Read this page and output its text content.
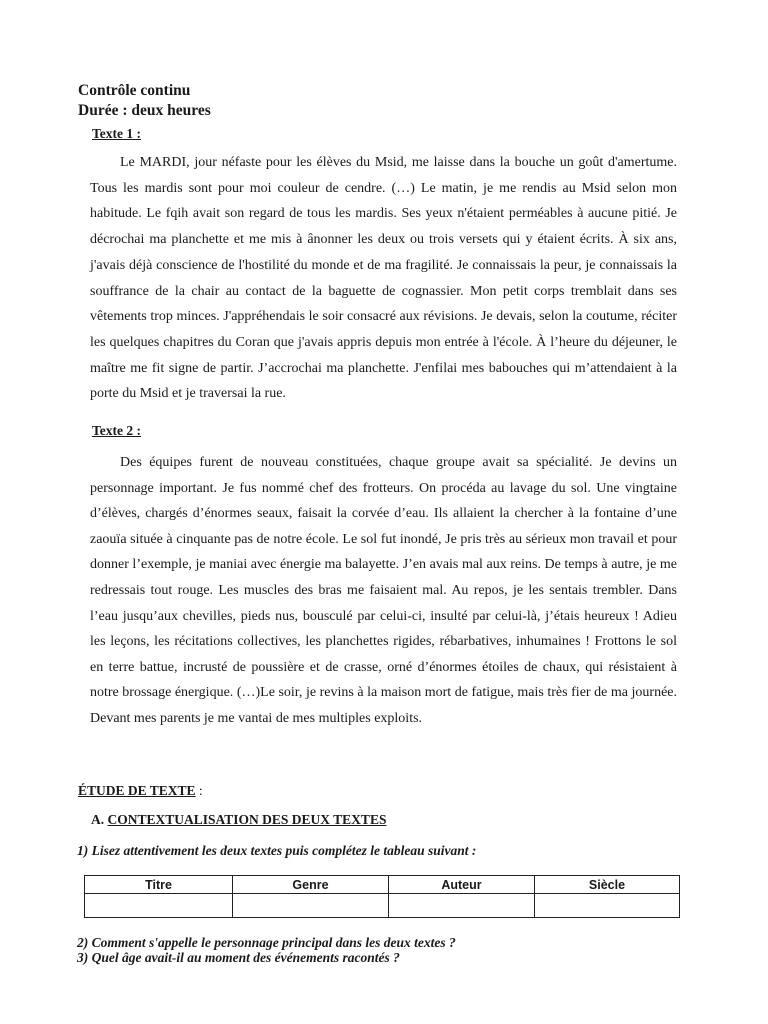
Contrôle continu
Durée : deux heures
Texte 1 :

Le MARDI, jour néfaste pour les élèves du Msid, me laisse dans la bouche un goût d'amertume. Tous les mardis sont pour moi couleur de cendre. (…) Le matin, je me rendis au Msid selon mon habitude. Le fqih avait son regard de tous les mardis. Ses yeux n'étaient perméables à aucune pitié. Je décrochai ma planchette et me mis à ânonner les deux ou trois versets qui y étaient écrits. À six ans, j'avais déjà conscience de l'hostilité du monde et de ma fragilité. Je connaissais la peur, je connaissais la souffrance de la chair au contact de la baguette de cognassier. Mon petit corps tremblait dans ses vêtements trop minces. J'appréhendais le soir consacré aux révisions. Je devais, selon la coutume, réciter les quelques chapitres du Coran que j'avais appris depuis mon entrée à l'école. À l’heure du déjeuner, le maître me fit signe de partir. J’accrochai ma planchette. J'enfilai mes babouches qui m’attendaient à la porte du Msid et je traversai la rue.

Texte 2 :

Des équipes furent de nouveau constituées, chaque groupe avait sa spécialité. Je devins un personnage important. Je fus nommé chef des frotteurs. On procéda au lavage du sol. Une vingtaine d’élèves, chargés d’énormes seaux, faisait la corvée d’eau. Ils allaient la chercher à la fontaine d’une zaouïa située à cinquante pas de notre école. Le sol fut inondé, Je pris très au sérieux mon travail et pour donner l’exemple, je maniai avec énergie ma balayette. J’en avais mal aux reins. De temps à autre, je me redressais tout rouge. Les muscles des bras me faisaient mal. Au repos, je les sentais trembler. Dans l’eau jusqu’aux chevilles, pieds nus, bousculé par celui-ci, insulté par celui-là, j’étais heureux ! Adieu les leçons, les récitations collectives, les planchettes rigides, rébarbatives, inhumaines ! Frottons le sol en terre battue, incrusté de poussière et de crasse, orné d’énormes étoiles de chaux, qui résistaient à notre brossage énergique. (…)Le soir, je revins à la maison mort de fatigue, mais très fier de ma journée. Devant mes parents je me vantai de mes multiples exploits.

ÉTUDE DE TEXTE :
A. CONTEXTUALISATION DES DEUX TEXTES
1) Lisez attentivement les deux textes puis complétez le tableau suivant :
Titre	Genre	Auteur	Siècle

2) Comment s'appelle le personnage principal dans les deux textes ?
3) Quel âge avait-il au moment des événements racontés ?
